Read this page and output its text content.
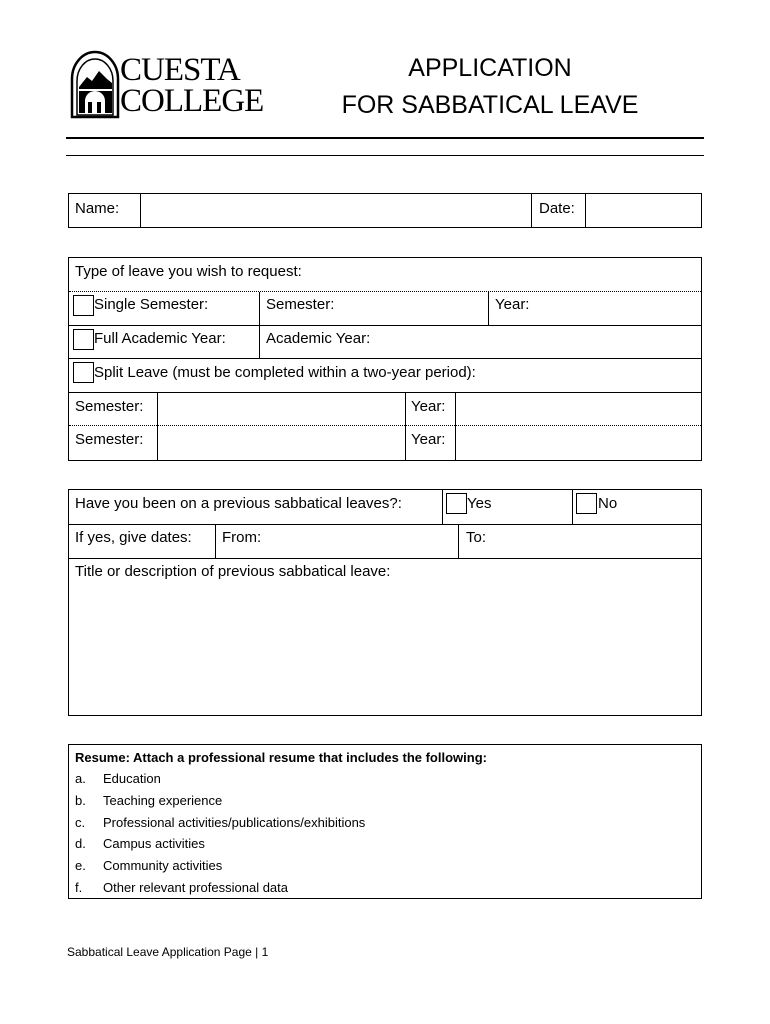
CUESTA
COLLEGE
APPLICATION
FOR SABBATICAL LEAVE
Name:	Date:
Type of leave you wish to request:
Single Semester:	Semester:	Year:
Full Academic Year:	Academic Year:
Split Leave (must be completed within a two-year period):
Semester:	Year:
Semester:	Year:
Have you been on a previous sabbatical leaves?:	Yes	No
If yes, give dates: From:	To:
Title or description of previous sabbatical leave:
Resume: Attach a professional resume that includes the following:
a. Education
b. Teaching experience
c. Professional activities/publications/exhibitions
d. Campus activities
e. Community activities
f. Other relevant professional data
Sabbatical Leave Application Page | 1
